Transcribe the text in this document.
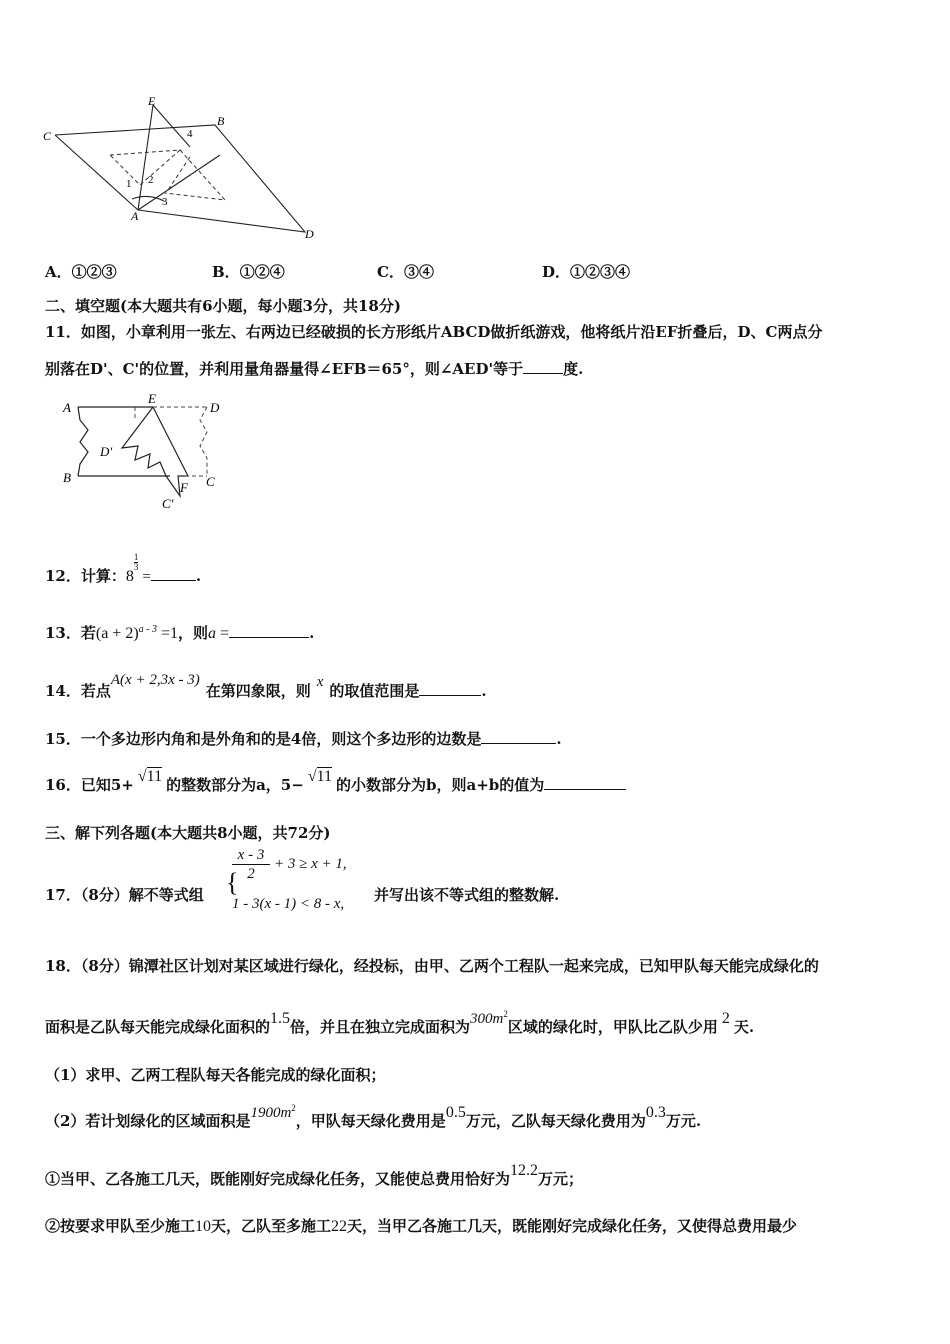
E
B
C
A
D
1 2
3
4
A．①②③	B．①②④	C．③④	D．①②③④
二、填空题(本大题共有6小题，每小题3分，共18分)
11．如图，小章利用一张左、右两边已经破损的长方形纸片ABCD做折纸游戏，他将纸片沿EF折叠后，D、C两点分
别落在D'、C'的位置，并利用量角器量得∠EFB＝65°，则∠AED'等于	度.
A
E
D
D'
B
F C
C'
12．计算：8
$\frac{1}{3}$
=	.
13．若$(a + 2)^{a - 3} =1$，则a =	.
14．若点A(x + 2,3x - 3)在第四象限，则 x 的取值范围是	.
15．一个多边形内角和是外角和的是4倍，则这个多边形的边数是	.
16．已知5+ √11 的整数部分为a，5− √11 的小数部分为b，则a+b的值为
三、解下列各题(本大题共8小题，共72分)
17．（8分）解不等式组 {
x - 3
2
+ 3 ≥ x + 1,
1 - 3(x - 1) < 8 - x, 并写出该不等式组的整数解.
18．（8分）锦潭社区计划对某区域进行绿化，经投标，由甲、乙两个工程队一起来完成，已知甲队每天能完成绿化的
面积是乙队每天能完成绿化面积的1.5倍，并且在独立完成面积为$300m^2$区域的绿化时，甲队比乙队少用 2 天.
（1）求甲、乙两工程队每天各能完成的绿化面积；
（2）若计划绿化的区域面积是$1900m^2$，甲队每天绿化费用是0.5万元，乙队每天绿化费用为0.3万元.
①当甲、乙各施工几天，既能刚好完成绿化任务，又能使总费用恰好为12.2万元；
②按要求甲队至少施工10天，乙队至多施工22天，当甲乙各施工几天，既能刚好完成绿化任务，又使得总费用最少
